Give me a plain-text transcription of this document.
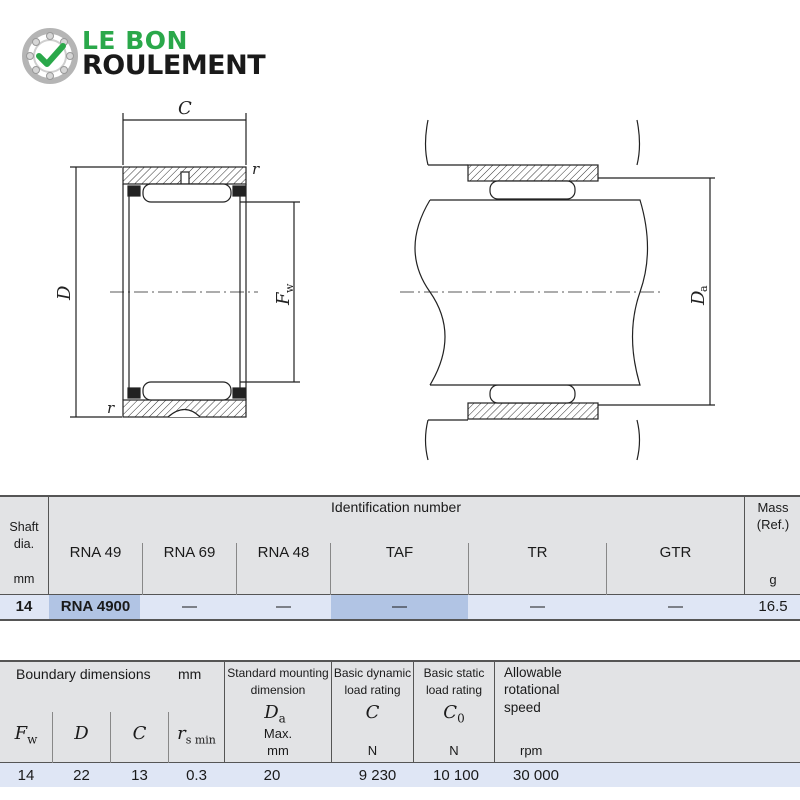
LE BON
ROULEMENT
C
r
r
D	F
w
D
a
Shaft dia.
mm
Identification number	Mass (Ref.)
g
RNA 49	RNA 69	RNA 48	TAF	TR	GTR
14	RNA 4900	—	—	—	—	—	16.5
Boundary dimensions mm Standard mounting
dimension
$D_a$
Max.
mm
Basic dynamic
load rating
C
N
Basic static
load rating
$C_0$
N
Allowable
rotational
speed
rpm
$F_w$	D	C	$r_{s min}$
14	22	13	0.3	20	9 230	10 100	30 000
